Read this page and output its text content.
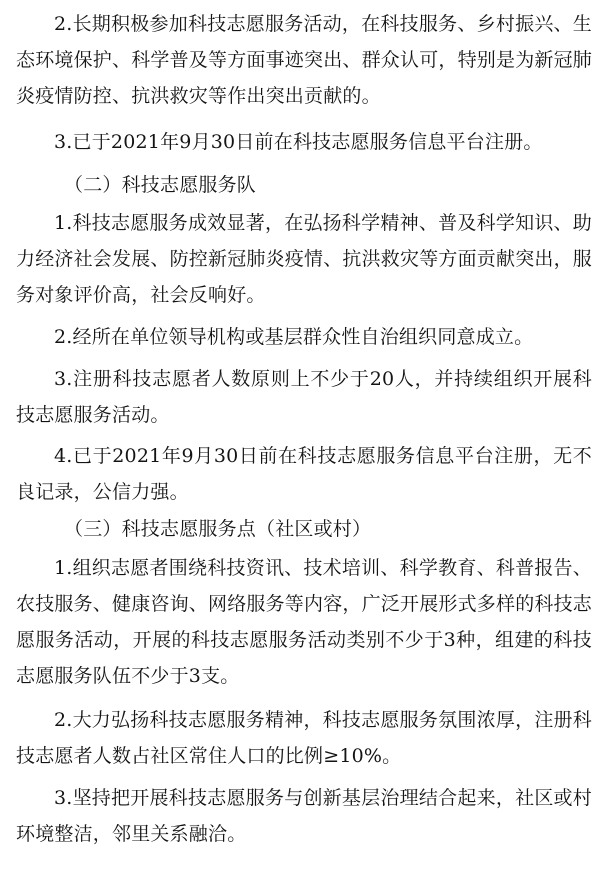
2.长期积极参加科技志愿服务活动，在科技服务、乡村振兴、生态环境保护、科学普及等方面事迹突出、群众认可，特别是为新冠肺炎疫情防控、抗洪救灾等作出突出贡献的。

3.已于2021年9月30日前在科技志愿服务信息平台注册。

（二）科技志愿服务队

1.科技志愿服务成效显著，在弘扬科学精神、普及科学知识、助力经济社会发展、防控新冠肺炎疫情、抗洪救灾等方面贡献突出，服务对象评价高，社会反响好。

2.经所在单位领导机构或基层群众性自治组织同意成立。

3.注册科技志愿者人数原则上不少于20人，并持续组织开展科技志愿服务活动。

4.已于2021年9月30日前在科技志愿服务信息平台注册，无不良记录，公信力强。

（三）科技志愿服务点（社区或村）

1.组织志愿者围绕科技资讯、技术培训、科学教育、科普报告、农技服务、健康咨询、网络服务等内容，广泛开展形式多样的科技志愿服务活动，开展的科技志愿服务活动类别不少于3种，组建的科技志愿服务队伍不少于3支。

2.大力弘扬科技志愿服务精神，科技志愿服务氛围浓厚，注册科技志愿者人数占社区常住人口的比例≥10%。

3.坚持把开展科技志愿服务与创新基层治理结合起来，社区或村环境整洁，邻里关系融洽。
